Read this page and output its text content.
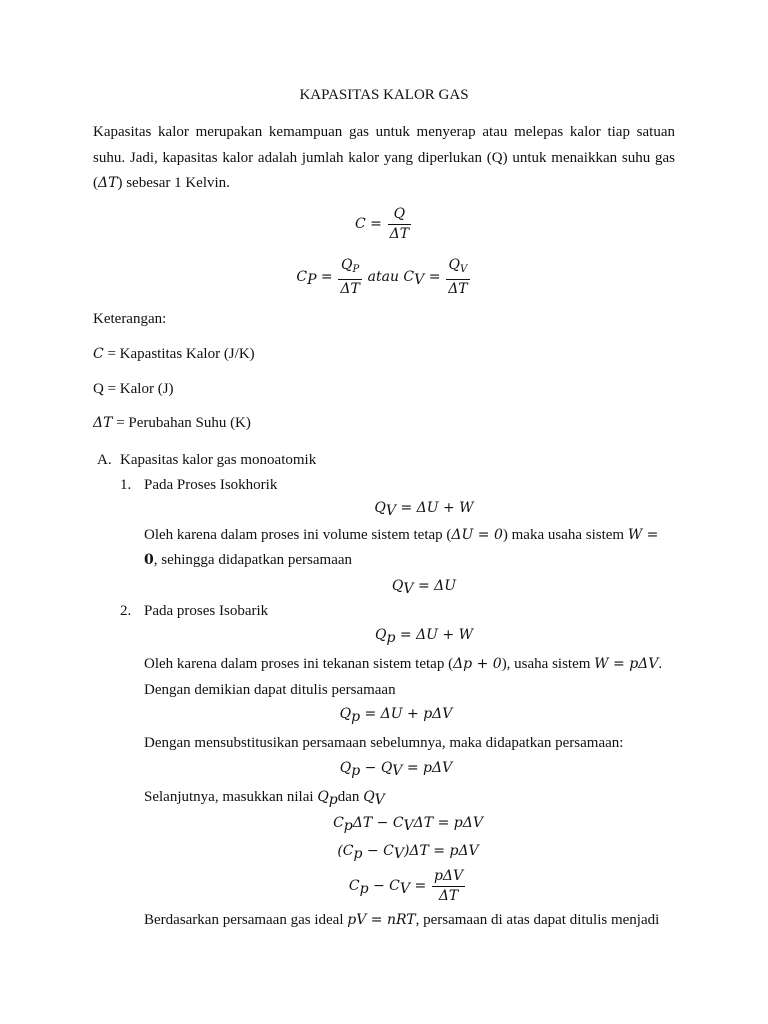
KAPASITAS KALOR GAS
Kapasitas kalor merupakan kemampuan gas untuk menyerap atau melepas kalor tiap satuan
suhu. Jadi, kapasitas kalor adalah jumlah kalor yang diperlukan (Q) untuk menaikkan suhu gas
(ΔT) sebesar 1 Kelvin.
$C = \frac{Q}{\Delta T}$
$C_P = \frac{Q_P}{\Delta T}$ atau $C_V = \frac{Q_V}{\Delta T}$
Keterangan:
C = Kapastitas Kalor (J/K)
Q = Kalor (J)
ΔT = Perubahan Suhu (K)
A. Kapasitas kalor gas monoatomik
1. Pada Proses Isokhorik
$Q_V = \Delta U + W$
Oleh karena dalam proses ini volume sistem tetap (ΔU = 0) maka usaha sistem W =
0, sehingga didapatkan persamaan
$Q_V = \Delta U$
2. Pada proses Isobarik
$Q_p = \Delta U + W$
Oleh karena dalam proses ini tekanan sistem tetap (Δp + 0), usaha sistem W = pΔV.
Dengan demikian dapat ditulis persamaan
$Q_p = \Delta U + p\Delta V$
Dengan mensubstitusikan persamaan sebelumnya, maka didapatkan persamaan:
$Q_p - Q_V = p\Delta V$
Selanjutnya, masukkan nilai $Q_pdan$ $Q_V$
$C_p\Delta T - C_V\Delta T = p\Delta V$
$(C_p - C_V)\Delta T = p\Delta V$
$C_p - C_V = \frac{\text{pΔV}}{\Delta T}$
Berdasarkan persamaan gas ideal pV = nRT, persamaan di atas dapat ditulis menjadi
